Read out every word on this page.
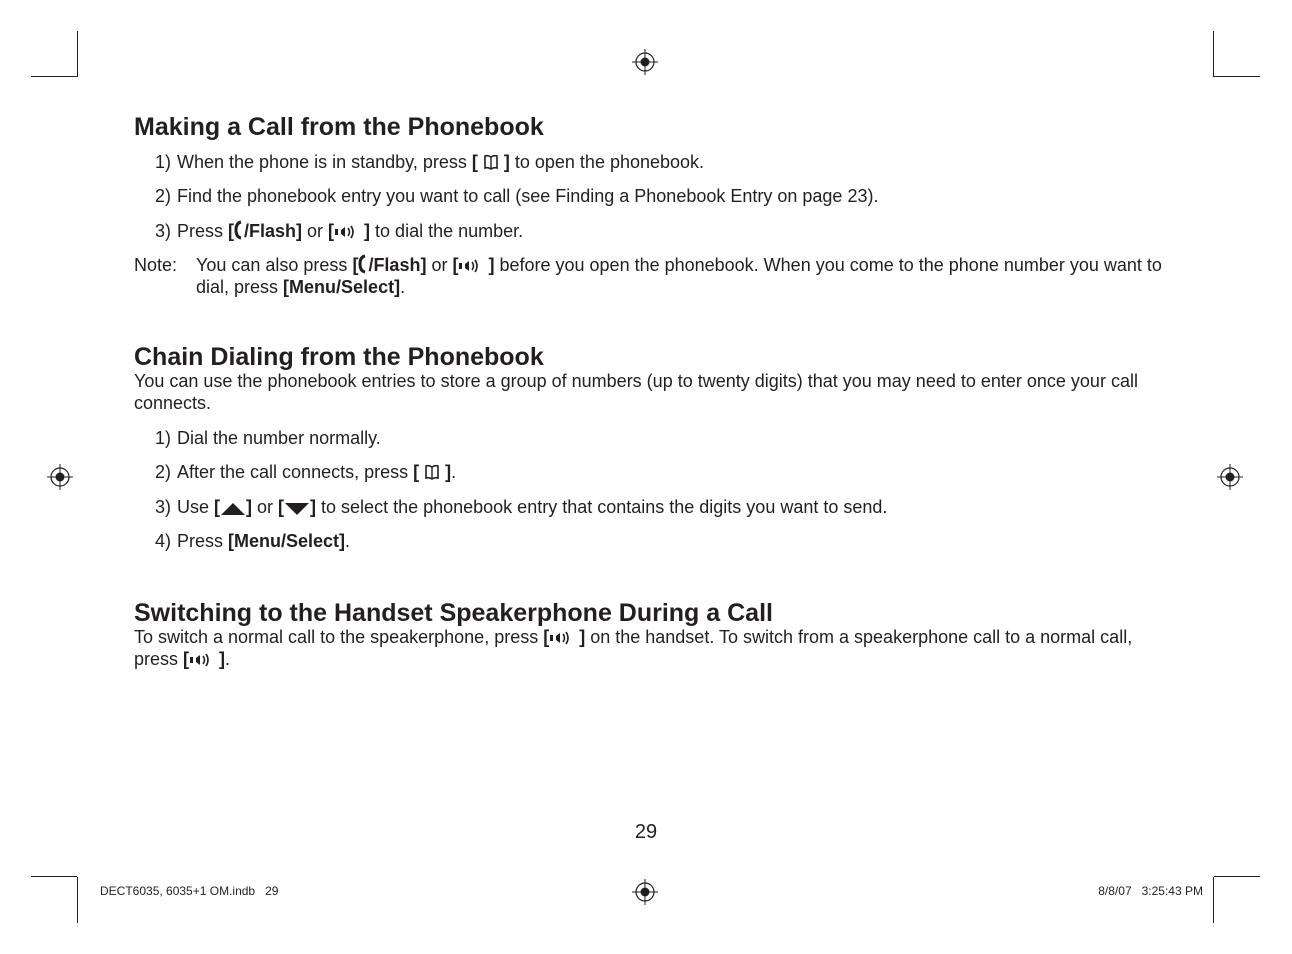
Making a Call from the Phonebook
1) When the phone is in standby, press [ ] to open the phonebook.
2) Find the phonebook entry you want to call (see Finding a Phonebook Entry on page 23).
3) Press [ /Flash] or [ ] to dial the number.
Note:	You can also press [ /Flash] or [ ] before you open the phonebook. When you come to the phone number you want to dial, press [Menu/Select].
Chain Dialing from the Phonebook

You can use the phonebook entries to store a group of numbers (up to twenty digits) that you may need to enter once your call connects.

1) Dial the number normally.
2) After the call connects, press [ ].
3) Use [ ] or [ ] to select the phonebook entry that contains the digits you want to send.
4) Press [Menu/Select].
Switching to the Handset Speakerphone During a Call

To switch a normal call to the speakerphone, press [ ] on the handset. To switch from a speakerphone call to a normal call, press [ ].

29
DECT6035, 6035+1 OM.indb   29	8/8/07   3:25:43 PM
